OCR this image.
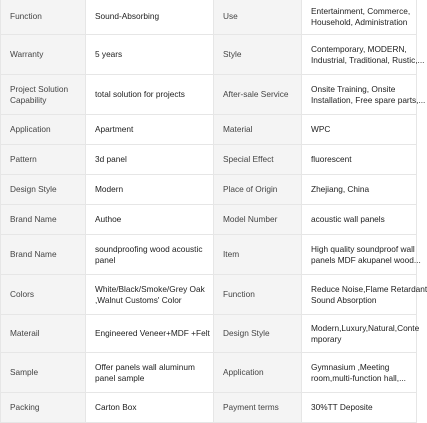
Function	Sound-Absorbing	Use	Entertainment, Commerce,
Household, Administration

Warranty	5 years	Style	Contemporary, MODERN,
Industrial, Traditional, Rustic,...

Project Solution Capability	total solution for projects	After-sale Service	Onsite Training, Onsite
Installation, Free spare parts,...

Application	Apartment	Material	WPC
Pattern	3d panel	Special Effect	fluorescent
Design Style	Modern	Place of Origin	Zhejiang, China
Brand Name	Authoe	Model Number	acoustic wall panels
Brand Name	soundproofing wood acoustic panel	Item	High quality soundproof wall
panels MDF akupanel wood...

Colors	White/Black/Smoke/Grey Oak ,Walnut Customs' Color	Function	Reduce Noise,Flame Retardant
Sound Absorption

Materail	Engineered Veneer+MDF +Felt	Design Style	Modern,Luxury,Natural,Conte
mporary

Sample	Offer panels wall aluminum panel sample	Application	Gymnasium ,Meeting
room,multi-function hall,...

Packing	Carton Box	Payment terms	30%TT Deposite
